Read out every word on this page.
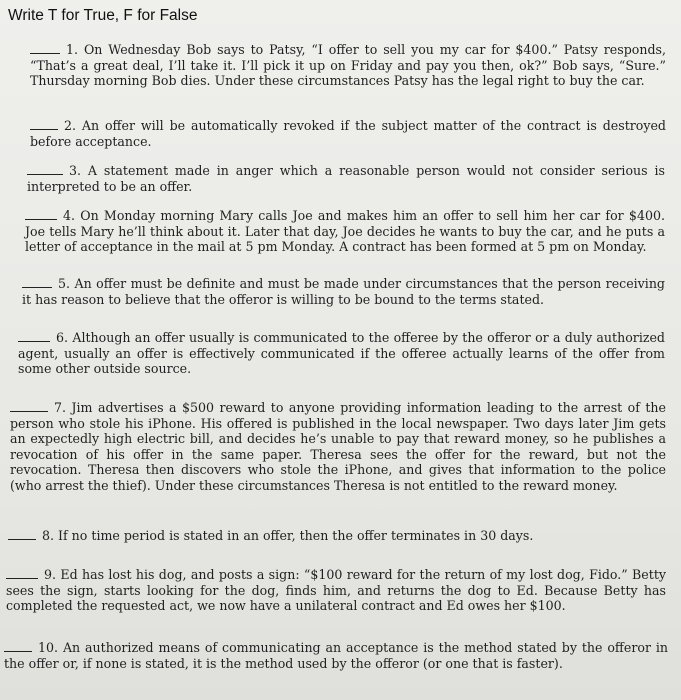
Write T for True, F for False
1. On Wednesday Bob says to Patsy, “I offer to sell you my car for $400.” Patsy responds, “That’s a great deal, I’ll take it. I’ll pick it up on Friday and pay you then, ok?” Bob says, “Sure.” Thursday morning Bob dies. Under these circumstances Patsy has the legal right to buy the car.
2. An offer will be automatically revoked if the subject matter of the contract is destroyed before acceptance.
3. A statement made in anger which a reasonable person would not consider serious is interpreted to be an offer.
4. On Monday morning Mary calls Joe and makes him an offer to sell him her car for $400. Joe tells Mary he’ll think about it. Later that day, Joe decides he wants to buy the car, and he puts a letter of acceptance in the mail at 5 pm Monday. A contract has been formed at 5 pm on Monday.
5. An offer must be definite and must be made under circumstances that the person receiving it has reason to believe that the offeror is willing to be bound to the terms stated.
6. Although an offer usually is communicated to the offeree by the offeror or a duly authorized agent, usually an offer is effectively communicated if the offeree actually learns of the offer from some other outside source.
7. Jim advertises a $500 reward to anyone providing information leading to the arrest of the person who stole his iPhone. His offered is published in the local newspaper. Two days later Jim gets an expectedly high electric bill, and decides he’s unable to pay that reward money, so he publishes a revocation of his offer in the same paper. Theresa sees the offer for the reward, but not the revocation. Theresa then discovers who stole the iPhone, and gives that information to the police (who arrest the thief). Under these circumstances Theresa is not entitled to the reward money.
8. If no time period is stated in an offer, then the offer terminates in 30 days.
9. Ed has lost his dog, and posts a sign: “$100 reward for the return of my lost dog, Fido.” Betty sees the sign, starts looking for the dog, finds him, and returns the dog to Ed. Because Betty has completed the requested act, we now have a unilateral contract and Ed owes her $100.
10. An authorized means of communicating an acceptance is the method stated by the offeror in the offer or, if none is stated, it is the method used by the offeror (or one that is faster).
